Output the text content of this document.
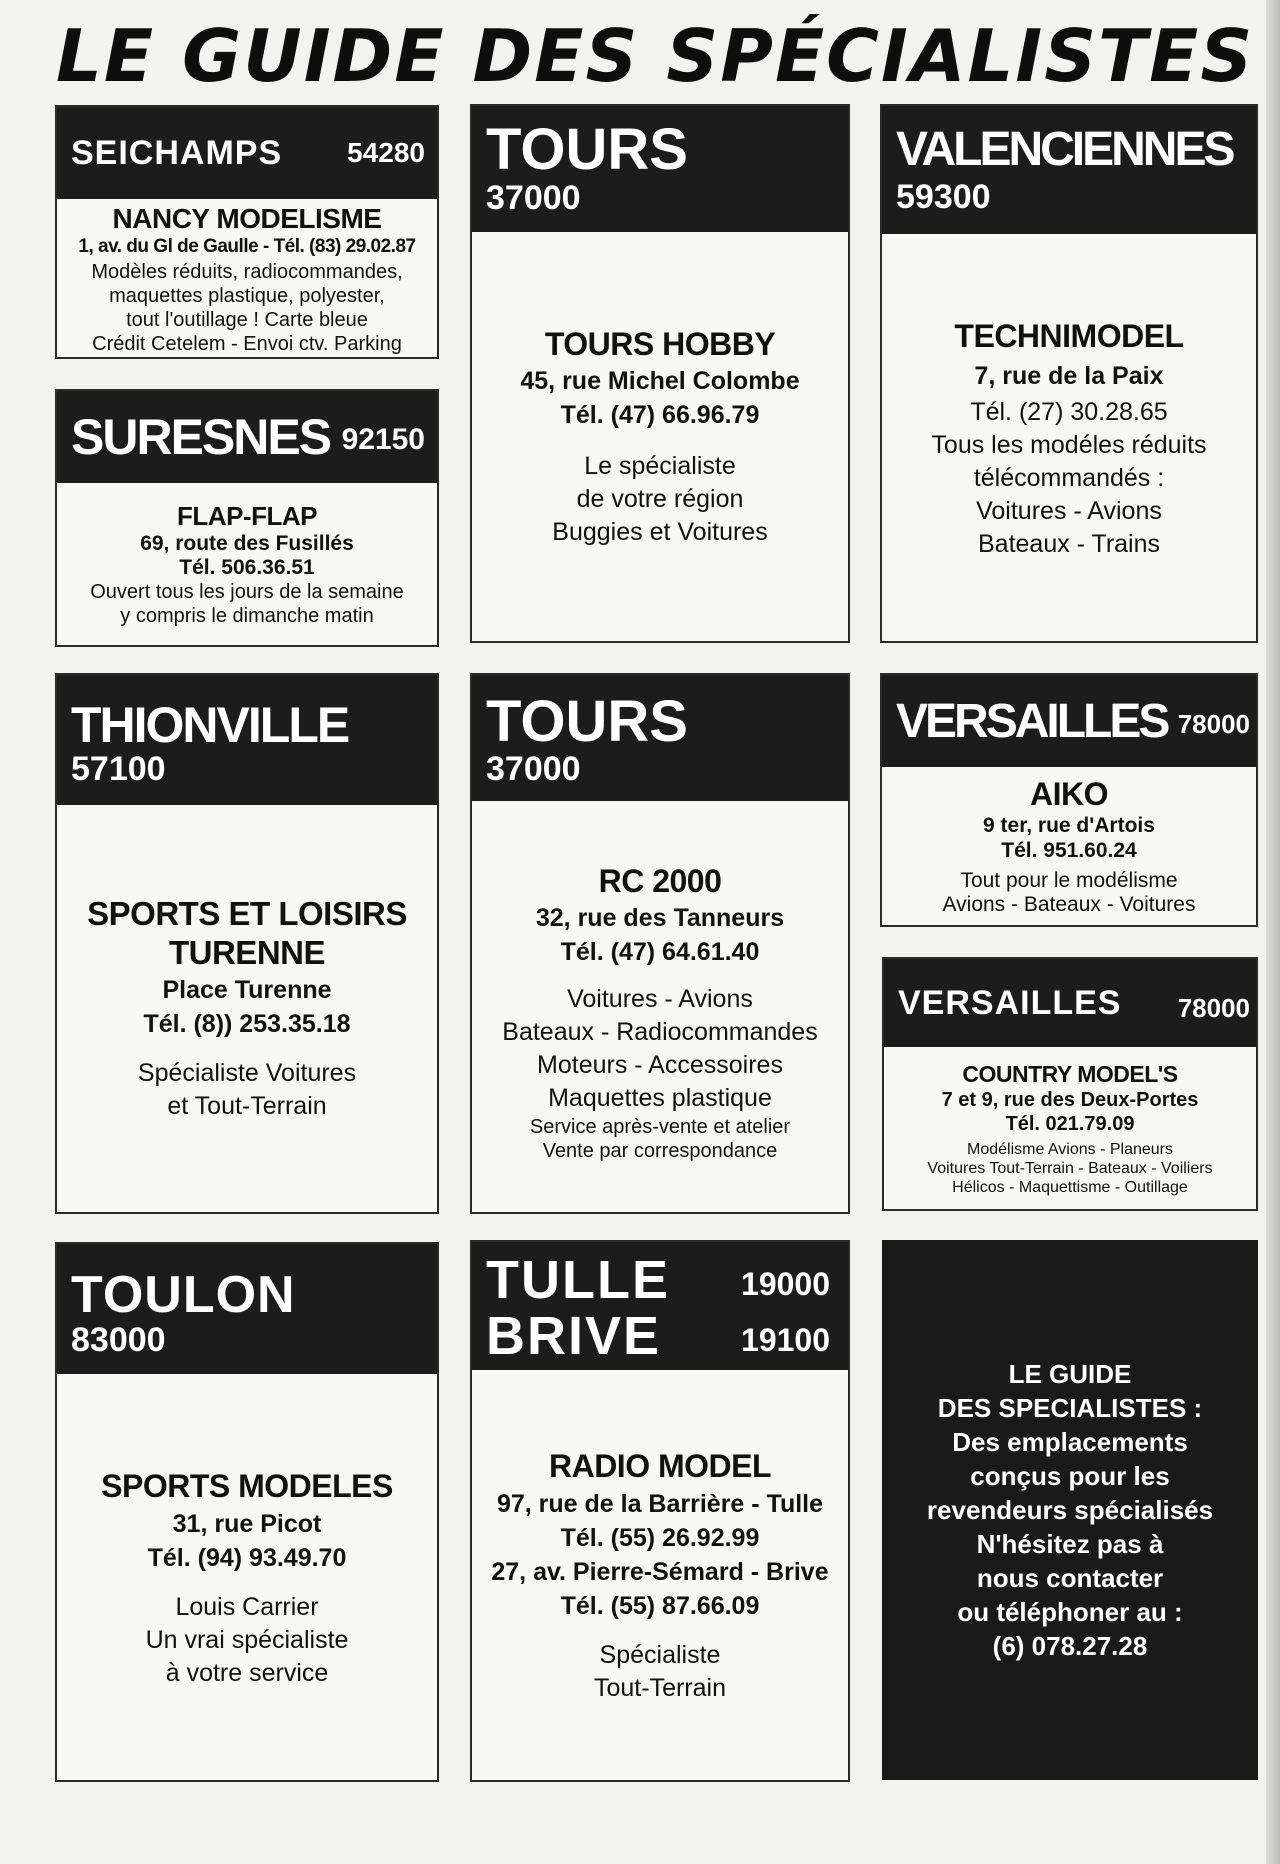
LE GUIDE DES SPÉCIALISTES
SEICHAMPS 54280
NANCY MODELISME
1, av. du Gl de Gaulle - Tél. (83) 29.02.87
Modèles réduits, radiocommandes,
maquettes plastique, polyester,
tout l'outillage ! Carte bleue
Crédit Cetelem - Envoi ctv. Parking
SURESNES 92150
FLAP-FLAP
69, route des Fusillés
Tél. 506.36.51
Ouvert tous les jours de la semaine
y compris le dimanche matin
TOURS
37000
TOURS HOBBY
45, rue Michel Colombe
Tél. (47) 66.96.79
Le spécialiste
de votre région
Buggies et Voitures
VALENCIENNES
59300
TECHNIMODEL
7, rue de la Paix
Tél. (27) 30.28.65
Tous les modéles réduits
télécommandés :
Voitures - Avions
Bateaux - Trains
THIONVILLE
57100
SPORTS ET LOISIRS
TURENNE
Place Turenne
Tél. (8)) 253.35.18
Spécialiste Voitures
et Tout-Terrain
TOURS
37000
RC 2000
32, rue des Tanneurs
Tél. (47) 64.61.40
Voitures - Avions
Bateaux - Radiocommandes
Moteurs - Accessoires
Maquettes plastique
Service après-vente et atelier
Vente par correspondance
VERSAILLES 78000
AIKO
9 ter, rue d'Artois
Tél. 951.60.24
Tout pour le modélisme
Avions - Bateaux - Voitures
VERSAILLES 78000
COUNTRY MODEL'S
7 et 9, rue des Deux-Portes
Tél. 021.79.09
Modélisme Avions - Planeurs
Voitures Tout-Terrain - Bateaux - Voiliers
Hélicos - Maquettisme - Outillage
TOULON
83000
SPORTS MODELES
31, rue Picot
Tél. (94) 93.49.70
Louis Carrier
Un vrai spécialiste
à votre service
TULLE	19000
BRIVE	19100
RADIO MODEL
97, rue de la Barrière - Tulle
Tél. (55) 26.92.99
27, av. Pierre-Sémard - Brive
Tél. (55) 87.66.09
Spécialiste
Tout-Terrain
LE GUIDE
DES SPECIALISTES :
Des emplacements
conçus pour les
revendeurs spécialisés
N'hésitez pas à
nous contacter
ou téléphoner au :
(6) 078.27.28
